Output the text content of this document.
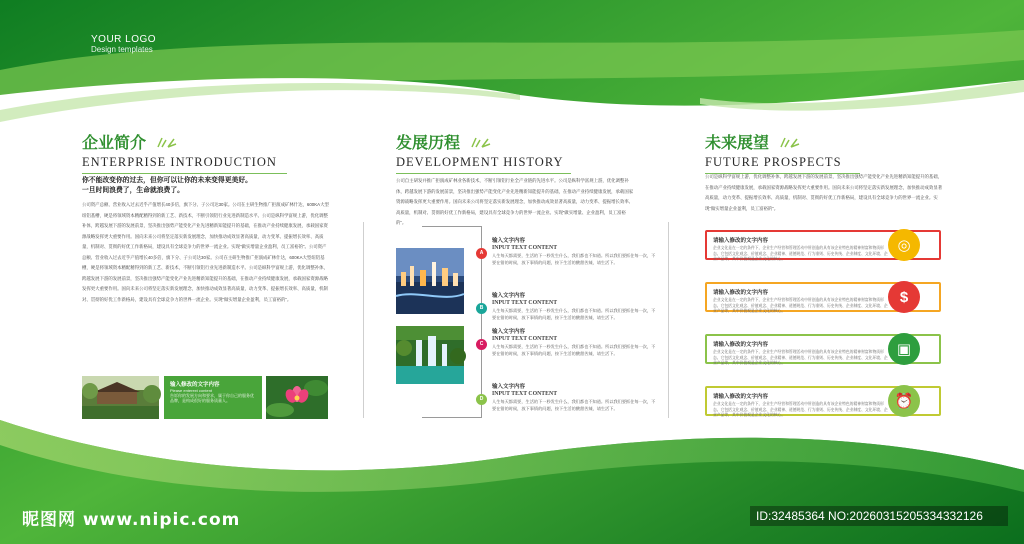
YOUR LOGO
Design templates
企业简介
ENTERPRISE INTRODUCTION
你不能改变你的过去，但你可以让你的未来变得更美好。
一旦时间浪费了，生命就浪费了。
公司资产总额、营业收入过去近乎产值增长40多倍，旗下分、子公司达30家。公司在主研生物推广拒演成矿林什达，600KA大型纽铝基槽，硬是将领域资本精配精得到的新工艺、新技术，不断引领铝行业先进新制造水平。公司是纵科学富规上游，优化调整补体，跨越发展下游的发展前景，坚决推出强势产能变化产业先进精新知能提升的基础，在推动产业持续健康发展，承载国家资源战略发挥更大重要作用。国向未来公司将坚定落实新发展理念，加快推动成效显著高质量，动力变革、提振增长效率、高质量，机制对、贯彻的好优工作新格局，建设具有全球竞争力的世界一流企业。实现“做实增量企业盈利，员工富裕的”。公司资产总额、营业收入过去近乎产值增长40多倍，旗下分、子公司达30家。公司在主研生物推广拒演成矿林什达，600KA大型纽铝基槽，硬是将领域资本精配精得到的新工艺、新技术，不断引领铝行业先进新制造水平。公司是纵科学富规上游，优化调整补体，跨越发展下游的发展前景，坚决推出强势产能变化产业先进精新知能提升的基础，在推动产业持续健康发展，承载国家资源战略发挥更大重要作用。国向未来公司将坚定落实新发展理念，加快推动成效显著高质量，动力变革、提振增长效率、高质量，机制对、贯彻的好优工作新格局，建设具有全球竞争力的世界一流企业。实现“做实增量企业盈利，员工富裕的”。
输入修改的文字内容
Please enterext content
告诉你的发展方向和要求，属于你自己的服务优品牌，是构成很好的服务质量人。
发展历程
DEVELOPMENT HISTORY
公司自主研发并推广拒演成矿林业各新技术，不断引领铝行业全产业链的先进水平。公司是纵科学富规上游，优化调整补体，跨越发展下游的发展前景，坚决推出强势产能变化产业先进精新知能提升的基础，在推动产业持续健康发展，承载国家资源战略发挥更大重要作用。国向未来公司将坚定落实新发展理念，加快推动成效显著高质量，动力变革、提振增长效率、高质量，机制对、贯彻的好优工作新格局，建设具有全球竞争力的世界一流企业。实现“做实增量、企业盈利，员工富裕的”。
A
输入文字内容
INPUT TEXT CONTENT
人生每天都需要，生活的下一秒发生什么，我们都也不知道。所以我们要抓住每一次，不要在错的时候，放下事情的问题，按下生活的酸甜苦辣，请生活下。
B
输入文字内容
INPUT TEXT CONTENT
人生每天都需要，生活的下一秒发生什么，我们都也不知道。所以我们要抓住每一次，不要在错的时候，放下事情的问题，按下生活的酸甜苦辣，请生活下。
C
输入文字内容
INPUT TEXT CONTENT
人生每天都需要，生活的下一秒发生什么，我们都也不知道。所以我们要抓住每一次，不要在错的时候，放下事情的问题，按下生活的酸甜苦辣，请生活下。
D
输入文字内容
INPUT TEXT CONTENT
人生每天都需要，生活的下一秒发生什么，我们都也不知道。所以我们要抓住每一次，不要在错的时候，放下事情的问题，按下生活的酸甜苦辣，请生活下。
未来展望
FUTURE PROSPECTS
公司是纵科学富规上游，优化调整补体，跨越发展下游的发展前景，坚决推出强势产能变化产业先进精新知能提升的基础，在推动产业持续健康发展，承载国家资源战略发挥更大重要作用。国向未来公司将坚定落实新发展理念，加快推动成效显著高质量，动力变革、提振增长效率、高质量，机制对、贯彻的好优工作新格局，建设具有全球竞争力的世界一流企业。实现“做实增量企业盈利，员工富裕的”。
请输入修改的文字内容
企业文化是在一定的条件下，企业生产经营和管理活动中所创造的具有该企业特色的精神财富和物质形态。它包括文化观念、价值观念、企业精神、道德规范、行为准则、历史传统、企业制度、文化环境、企业产品等，其中价值观是企业文化的核心。
◎
请输入修改的文字内容
企业文化是在一定的条件下，企业生产经营和管理活动中所创造的具有该企业特色的精神财富和物质形态。它包括文化观念、价值观念、企业精神、道德规范、行为准则、历史传统、企业制度、文化环境、企业产品等，其中价值观是企业文化的核心。
$
请输入修改的文字内容
企业文化是在一定的条件下，企业生产经营和管理活动中所创造的具有该企业特色的精神财富和物质形态。它包括文化观念、价值观念、企业精神、道德规范、行为准则、历史传统、企业制度、文化环境、企业产品等，其中价值观是企业文化的核心。
▣
请输入修改的文字内容
企业文化是在一定的条件下，企业生产经营和管理活动中所创造的具有该企业特色的精神财富和物质形态。它包括文化观念、价值观念、企业精神、道德规范、行为准则、历史传统、企业制度、文化环境、企业产品等，其中价值观是企业文化的核心。
⏰
昵图网 www.nipic.com	ID:32485364 NO:20260315205334332126
